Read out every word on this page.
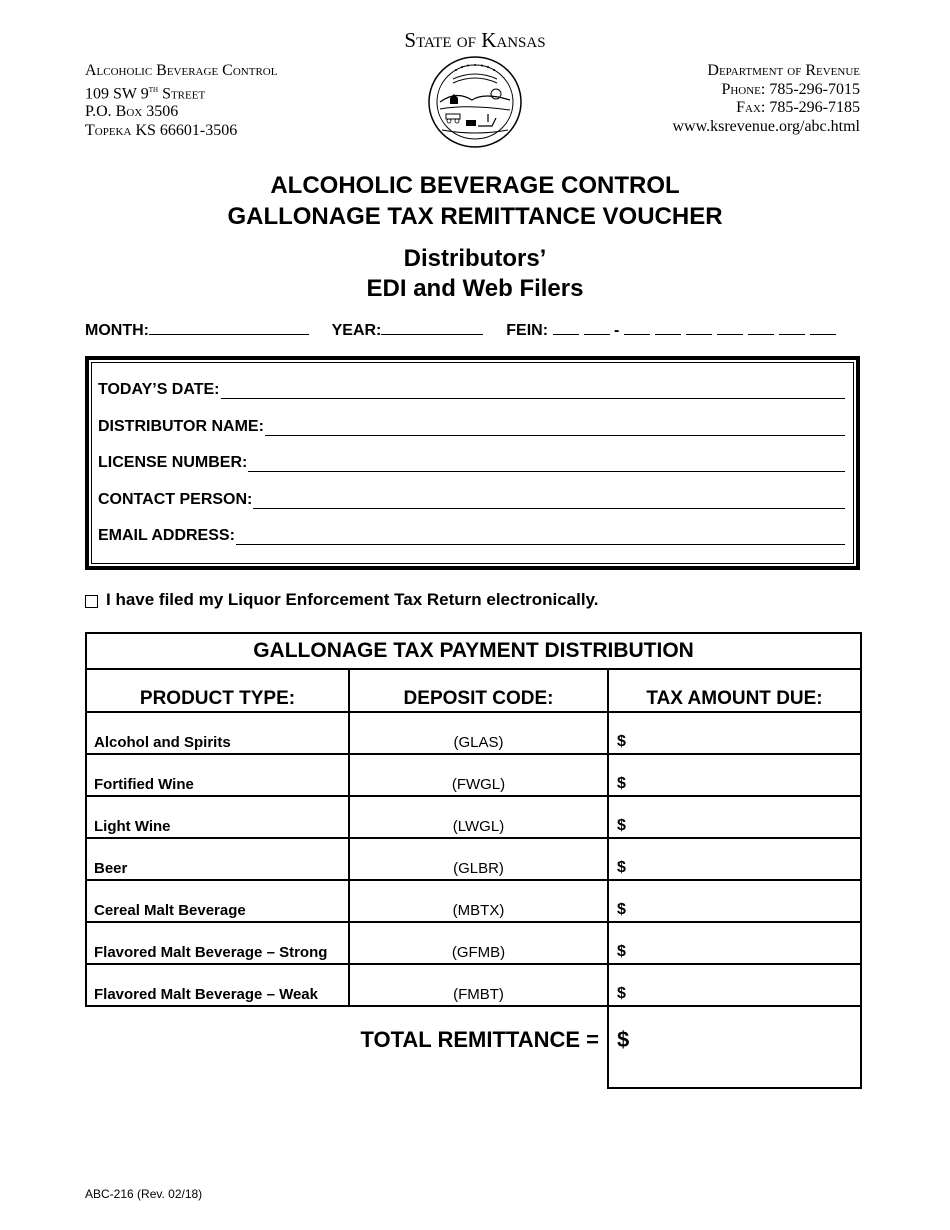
State of Kansas
Alcoholic Beverage Control
109 SW 9th Street
P.O. Box 3506
Topeka KS 66601-3506
Department of Revenue
Phone: 785-296-7015
Fax: 785-296-7185
www.ksrevenue.org/abc.html
ALCOHOLIC BEVERAGE CONTROL
GALLONAGE TAX REMITTANCE VOUCHER
Distributors’
EDI and Web Filers
MONTH:	YEAR:	FEIN:	-
TODAY’S DATE:
DISTRIBUTOR NAME:
LICENSE NUMBER:
CONTACT PERSON:
EMAIL ADDRESS:
I have filed my Liquor Enforcement Tax Return electronically.
GALLONAGE TAX PAYMENT DISTRIBUTION		
PRODUCT TYPE:	DEPOSIT CODE:	TAX AMOUNT DUE:
Alcohol and Spirits	(GLAS)	$
Fortified Wine	(FWGL)	$
Light Wine	(LWGL)	$
Beer	(GLBR)	$
Cereal Malt Beverage	(MBTX)	$
Flavored Malt Beverage – Strong	(GFMB)	$
Flavored Malt Beverage – Weak	(FMBT)	$
TOTAL REMITTANCE =		$
ABC-216 (Rev. 02/18)
